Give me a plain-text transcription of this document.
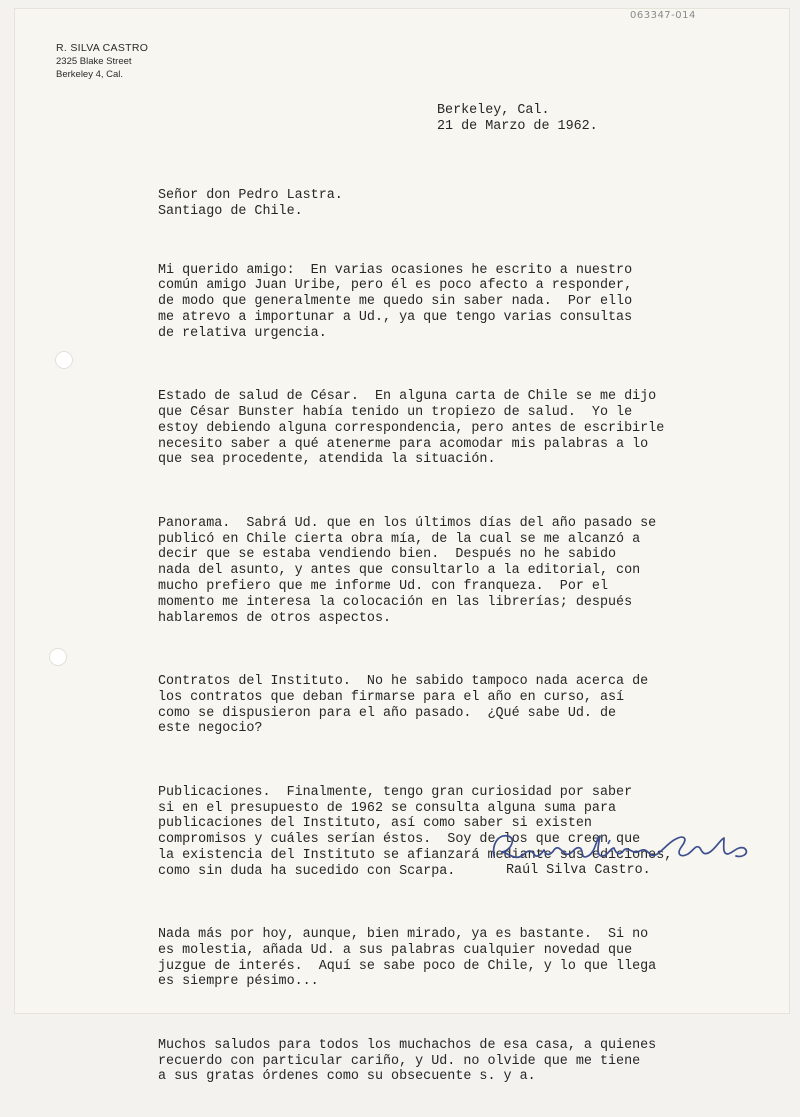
063347-014
R. SILVA CASTRO
2325 Blake Street
Berkeley 4, Cal.
Berkeley, Cal.
21 de Marzo de 1962.
Señor don Pedro Lastra.
Santiago de Chile.

Mi querido amigo:  En varias ocasiones he escrito a nuestro
común amigo Juan Uribe, pero él es poco afecto a responder,
de modo que generalmente me quedo sin saber nada.  Por ello
me atrevo a importunar a Ud., ya que tengo varias consultas
de relativa urgencia.

Estado de salud de César.  En alguna carta de Chile se me dijo
que César Bunster había tenido un tropiezo de salud.  Yo le
estoy debiendo alguna correspondencia, pero antes de escribirle
necesito saber a qué atenerme para acomodar mis palabras a lo
que sea procedente, atendida la situación.

Panorama.  Sabrá Ud. que en los últimos días del año pasado se
publicó en Chile cierta obra mía, de la cual se me alcanzó a
decir que se estaba vendiendo bien.  Después no he sabido
nada del asunto, y antes que consultarlo a la editorial, con
mucho prefiero que me informe Ud. con franqueza.  Por el
momento me interesa la colocación en las librerías; después
hablaremos de otros aspectos.

Contratos del Instituto.  No he sabido tampoco nada acerca de
los contratos que deban firmarse para el año en curso, así
como se dispusieron para el año pasado.  ¿Qué sabe Ud. de
este negocio?

Publicaciones.  Finalmente, tengo gran curiosidad por saber
si en el presupuesto de 1962 se consulta alguna suma para
publicaciones del Instituto, así como saber si existen
compromisos y cuáles serían éstos.  Soy de los que creen que
la existencia del Instituto se afianzará mediante sus ediciones,
como sin duda ha sucedido con Scarpa.

Nada más por hoy, aunque, bien mirado, ya es bastante.  Si no
es molestia, añada Ud. a sus palabras cualquier novedad que
juzgue de interés.  Aquí se sabe poco de Chile, y lo que llega
es siempre pésimo...

Muchos saludos para todos los muchachos de esa casa, a quienes
recuerdo con particular cariño, y Ud. no olvide que me tiene
a sus gratas órdenes como su obsecuente s. y a.

Raúl Silva Castro.
